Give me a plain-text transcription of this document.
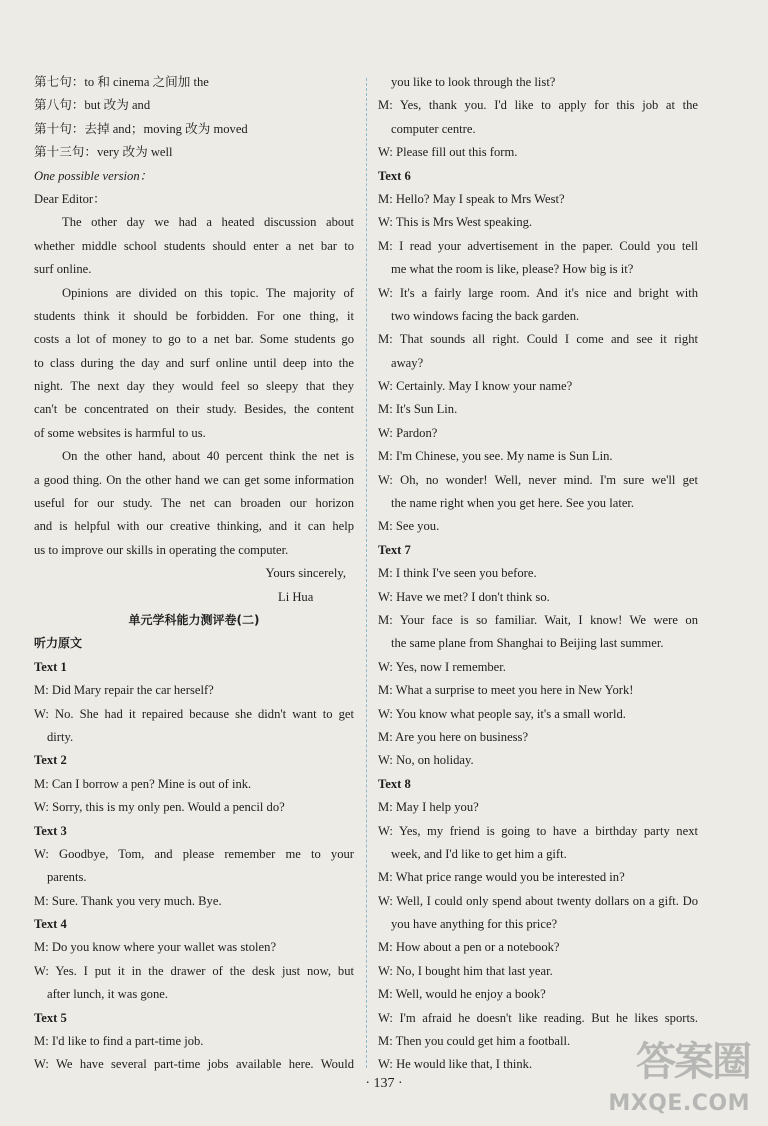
第七句：to 和 cinema 之间加 the
第八句：but 改为 and
第十句：去掉 and；moving 改为 moved
第十三句：very 改为 well
One possible version：
Dear Editor：
The other day we had a heated discussion about
whether middle school students should enter a net bar to
surf online.
Opinions are divided on this topic. The majority of
students think it should be forbidden. For one thing, it
costs a lot of money to go to a net bar. Some students go
to class during the day and surf online until deep into the
night. The next day they would feel so sleepy that they
can't be concentrated on their study. Besides, the content
of some websites is harmful to us.
On the other hand, about 40 percent think the net is
a good thing. On the other hand we can get some information
useful for our study. The net can broaden our horizon
and is helpful with our creative thinking, and it can help
us to improve our skills in operating the computer.
Yours sincerely,
Li Hua
单元学科能力测评卷(二)
听力原文
Text 1
M: Did Mary repair the car herself?
W: No. She had it repaired because she didn't want to get
dirty.
Text 2
M: Can I borrow a pen? Mine is out of ink.
W: Sorry, this is my only pen. Would a pencil do?
Text 3
W: Goodbye, Tom, and please remember me to your
parents.
M: Sure. Thank you very much. Bye.
Text 4
M: Do you know where your wallet was stolen?
W: Yes. I put it in the drawer of the desk just now, but
after lunch, it was gone.
Text 5
M: I'd like to find a part-time job.
W: We have several part-time jobs available here. Would
you like to look through the list?
M: Yes, thank you. I'd like to apply for this job at the
computer centre.
W: Please fill out this form.
Text 6
M: Hello? May I speak to Mrs West?
W: This is Mrs West speaking.
M: I read your advertisement in the paper. Could you tell
me what the room is like, please? How big is it?
W: It's a fairly large room. And it's nice and bright with
two windows facing the back garden.
M: That sounds all right. Could I come and see it right
away?
W: Certainly. May I know your name?
M: It's Sun Lin.
W: Pardon?
M: I'm Chinese, you see. My name is Sun Lin.
W: Oh, no wonder! Well, never mind. I'm sure we'll get
the name right when you get here. See you later.
M: See you.
Text 7
M: I think I've seen you before.
W: Have we met? I don't think so.
M: Your face is so familiar. Wait, I know! We were on
the same plane from Shanghai to Beijing last summer.
W: Yes, now I remember.
M: What a surprise to meet you here in New York!
W: You know what people say, it's a small world.
M: Are you here on business?
W: No, on holiday.
Text 8
M: May I help you?
W: Yes, my friend is going to have a birthday party next
week, and I'd like to get him a gift.
M: What price range would you be interested in?
W: Well, I could only spend about twenty dollars on a gift. Do
you have anything for this price?
M: How about a pen or a notebook?
W: No, I bought him that last year.
M: Well, would he enjoy a book?
W: I'm afraid he doesn't like reading. But he likes sports.
M: Then you could get him a football.
W: He would like that, I think.
· 137 ·	答案圈
MXQE.COM
